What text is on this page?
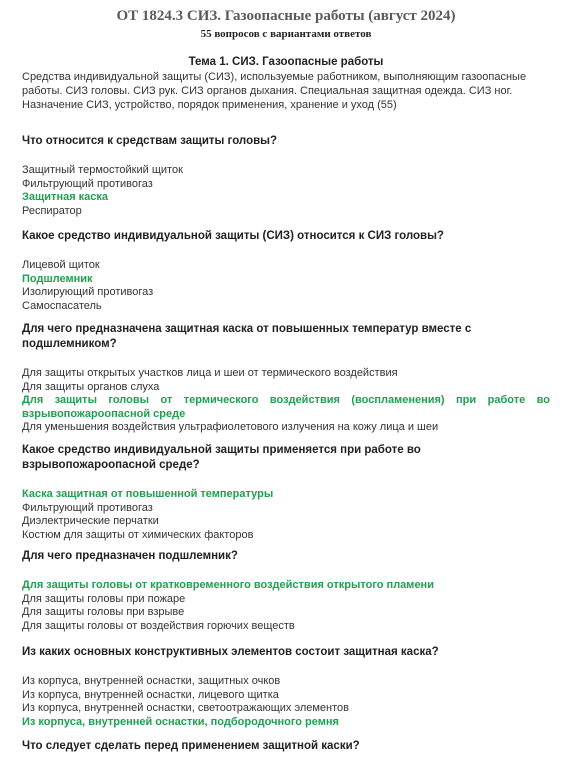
ОТ 1824.3 СИЗ. Газоопасные работы (август 2024)
55 вопросов с вариантами ответов
Тема 1. СИЗ. Газоопасные работы
Средства индивидуальной защиты (СИЗ), используемые работником, выполняющим газоопасные работы. СИЗ головы. СИЗ рук. СИЗ органов дыхания. Специальная защитная одежда. СИЗ ног. Назначение СИЗ, устройство, порядок применения, хранение и уход (55)

Что относится к средствам защиты головы?

Защитный термостойкий щиток
Фильтрующий противогаз
Защитная каска
Респиратор

Какое средство индивидуальной защиты (СИЗ) относится к СИЗ головы?

Лицевой щиток
Подшлемник
Изолирующий противогаз
Самоспасатель

Для чего предназначена защитная каска от повышенных температур вместе с подшлемником?

Для защиты открытых участков лица и шеи от термического воздействия
Для защиты органов слуха
Для защиты головы от термического воздействия (воспламенения) при работе во взрывопожароопасной среде
Для уменьшения воздействия ультрафиолетового излучения на кожу лица и шеи

Какое средство индивидуальной защиты применяется при работе во взрывопожароопасной среде?

Каска защитная от повышенной температуры
Фильтрующий противогаз
Диэлектрические перчатки
Костюм для защиты от химических факторов

Для чего предназначен подшлемник?

Для защиты головы от кратковременного воздействия открытого пламени
Для защиты головы при пожаре
Для защиты головы при взрыве
Для защиты головы от воздействия горючих веществ

Из каких основных конструктивных элементов состоит защитная каска?

Из корпуса, внутренней оснастки, защитных очков
Из корпуса, внутренней оснастки, лицевого щитка
Из корпуса, внутренней оснастки, светоотражающих элементов
Из корпуса, внутренней оснастки, подбородочного ремня

Что следует сделать перед применением защитной каски?
